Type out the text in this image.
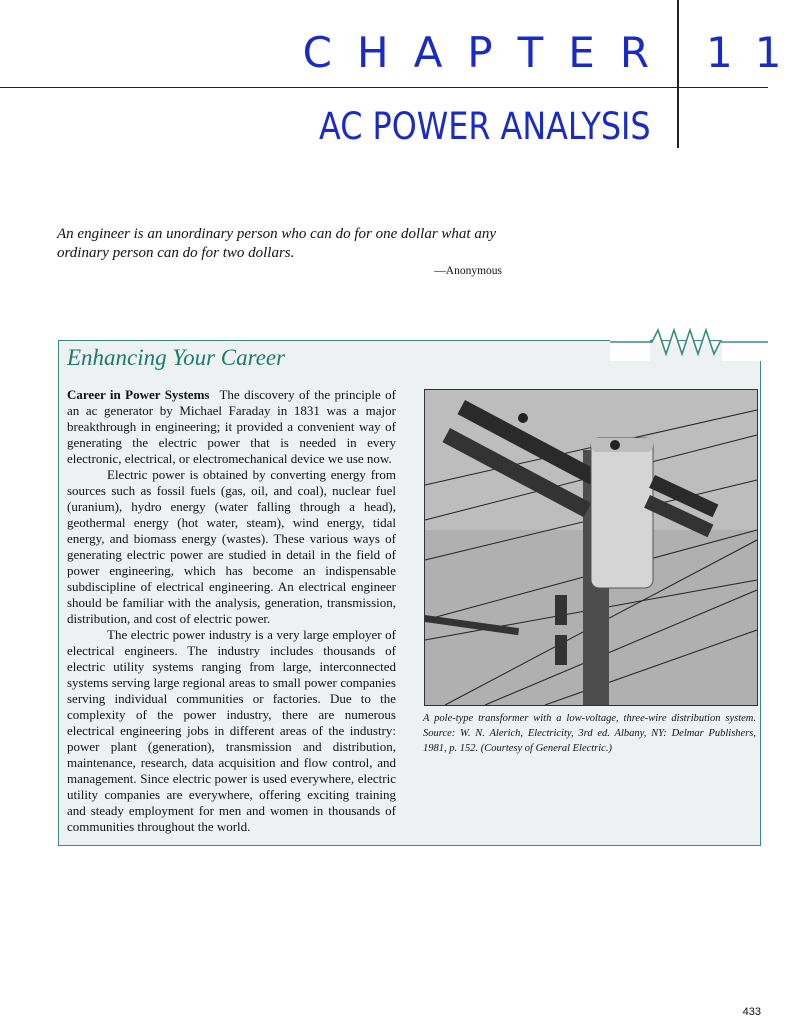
CHAPTER 11
AC POWER ANALYSIS
An engineer is an unordinary person who can do for one dollar what any ordinary person can do for two dollars.
—Anonymous
Enhancing Your Career

Career in Power Systems The discovery of the principle of an ac generator by Michael Faraday in 1831 was a major breakthrough in engineering; it provided a convenient way of generating the electric power that is needed in every electronic, electrical, or electromechanical device we use now.

Electric power is obtained by converting energy from sources such as fossil fuels (gas, oil, and coal), nuclear fuel (uranium), hydro energy (water falling through a head), geothermal energy (hot water, steam), wind energy, tidal energy, and biomass energy (wastes). These various ways of generating electric power are studied in detail in the field of power engineering, which has become an indispensable subdiscipline of electrical engineering. An electrical engineer should be familiar with the analysis, generation, transmission, distribution, and cost of electric power.

The electric power industry is a very large employer of electrical engineers. The industry includes thousands of electric utility systems ranging from large, interconnected systems serving large regional areas to small power companies serving individual communities or factories. Due to the complexity of the power industry, there are numerous electrical engineering jobs in different areas of the industry: power plant (generation), transmission and distribution, maintenance, research, data acquisition and flow control, and management. Since electric power is used everywhere, electric utility companies are everywhere, offering exciting training and steady employment for men and women in thousands of communities throughout the world.

A pole-type transformer with a low-voltage, three-wire distribution system. Source: W. N. Alerich, Electricity, 3rd ed. Albany, NY: Delmar Publishers, 1981, p. 152. (Courtesy of General Electric.)
433
